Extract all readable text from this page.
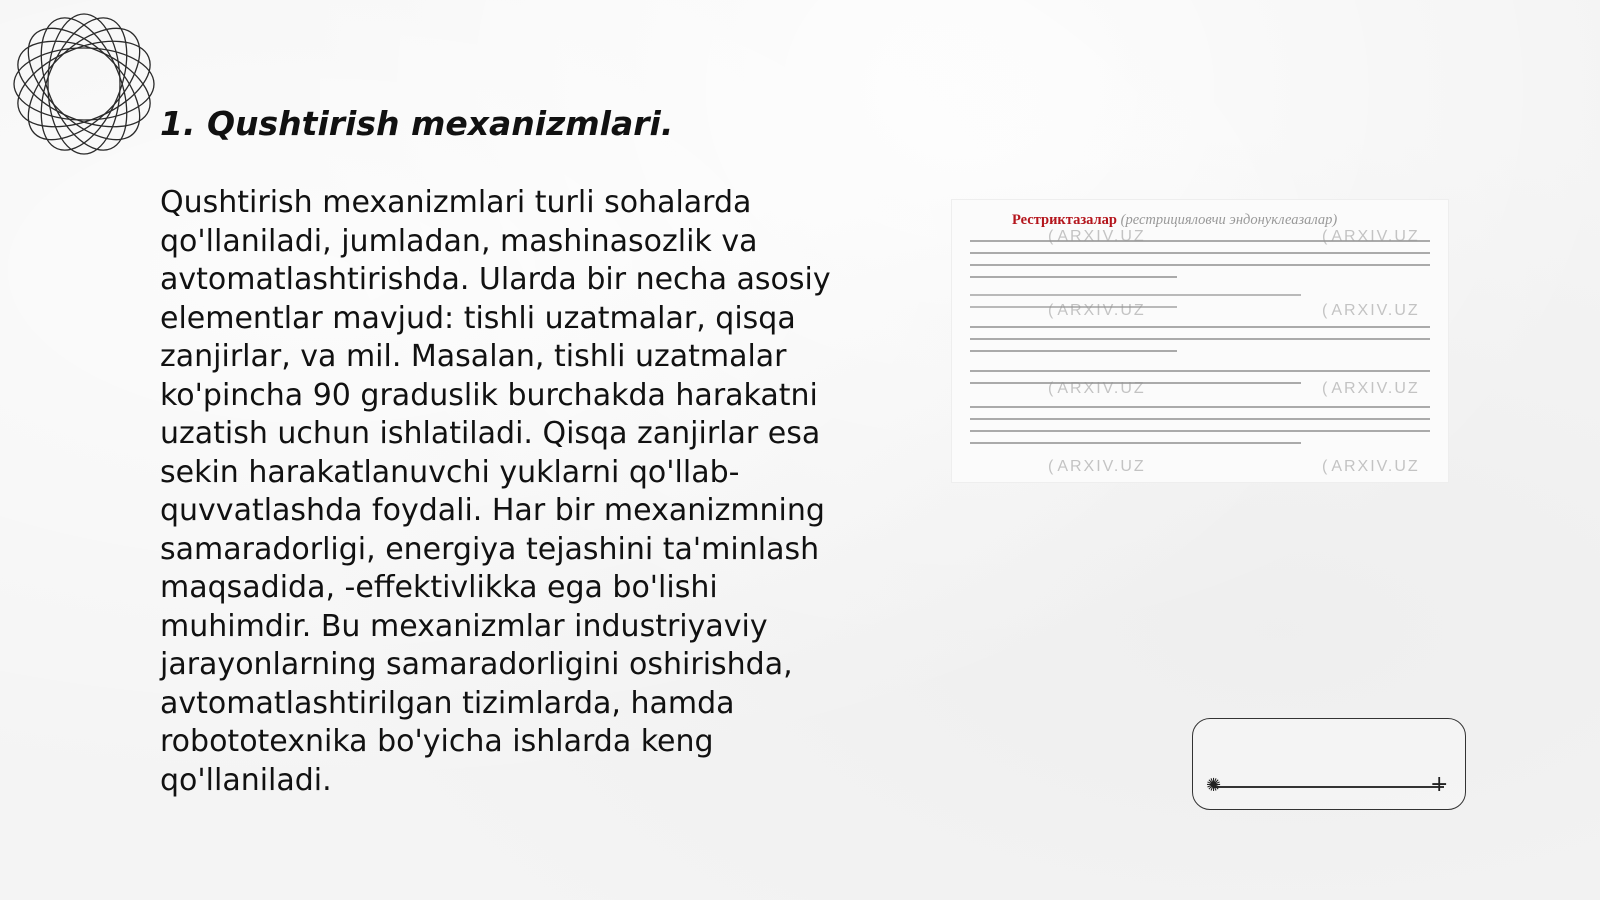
1. Qushtirish mexanizmlari.

Qushtirish mexanizmlari turli sohalarda qo'llaniladi, jumladan, mashinasozlik va avtomatlashtirishda. Ularda bir necha asosiy elementlar mavjud: tishli uzatmalar, qisqa zanjirlar, va mil. Masalan, tishli uzatmalar ko'pincha 90 graduslik burchakda harakatni uzatish uchun ishlatiladi. Qisqa zanjirlar esa sekin harakatlanuvchi yuklarni qo'llab-quvvatlashda foydali. Har bir mexanizmning samaradorligi, energiya tejashini ta'minlash maqsadida, -effektivlikka ega bo'lishi muhimdir. Bu mexanizmlar industriyaviy jarayonlarning samaradorligini oshirishda, avtomatlashtirilgan tizimlarda, hamda robototexnika bo'yicha ishlarda keng qo'llaniladi.

Рестриктазалар (рестрицияловчи эндонуклеазалар)
( ARXIV.UZ	( ARXIV.UZ
( ARXIV.UZ	( ARXIV.UZ
( ARXIV.UZ	( ARXIV.UZ
( ARXIV.UZ	( ARXIV.UZ
✺	+
